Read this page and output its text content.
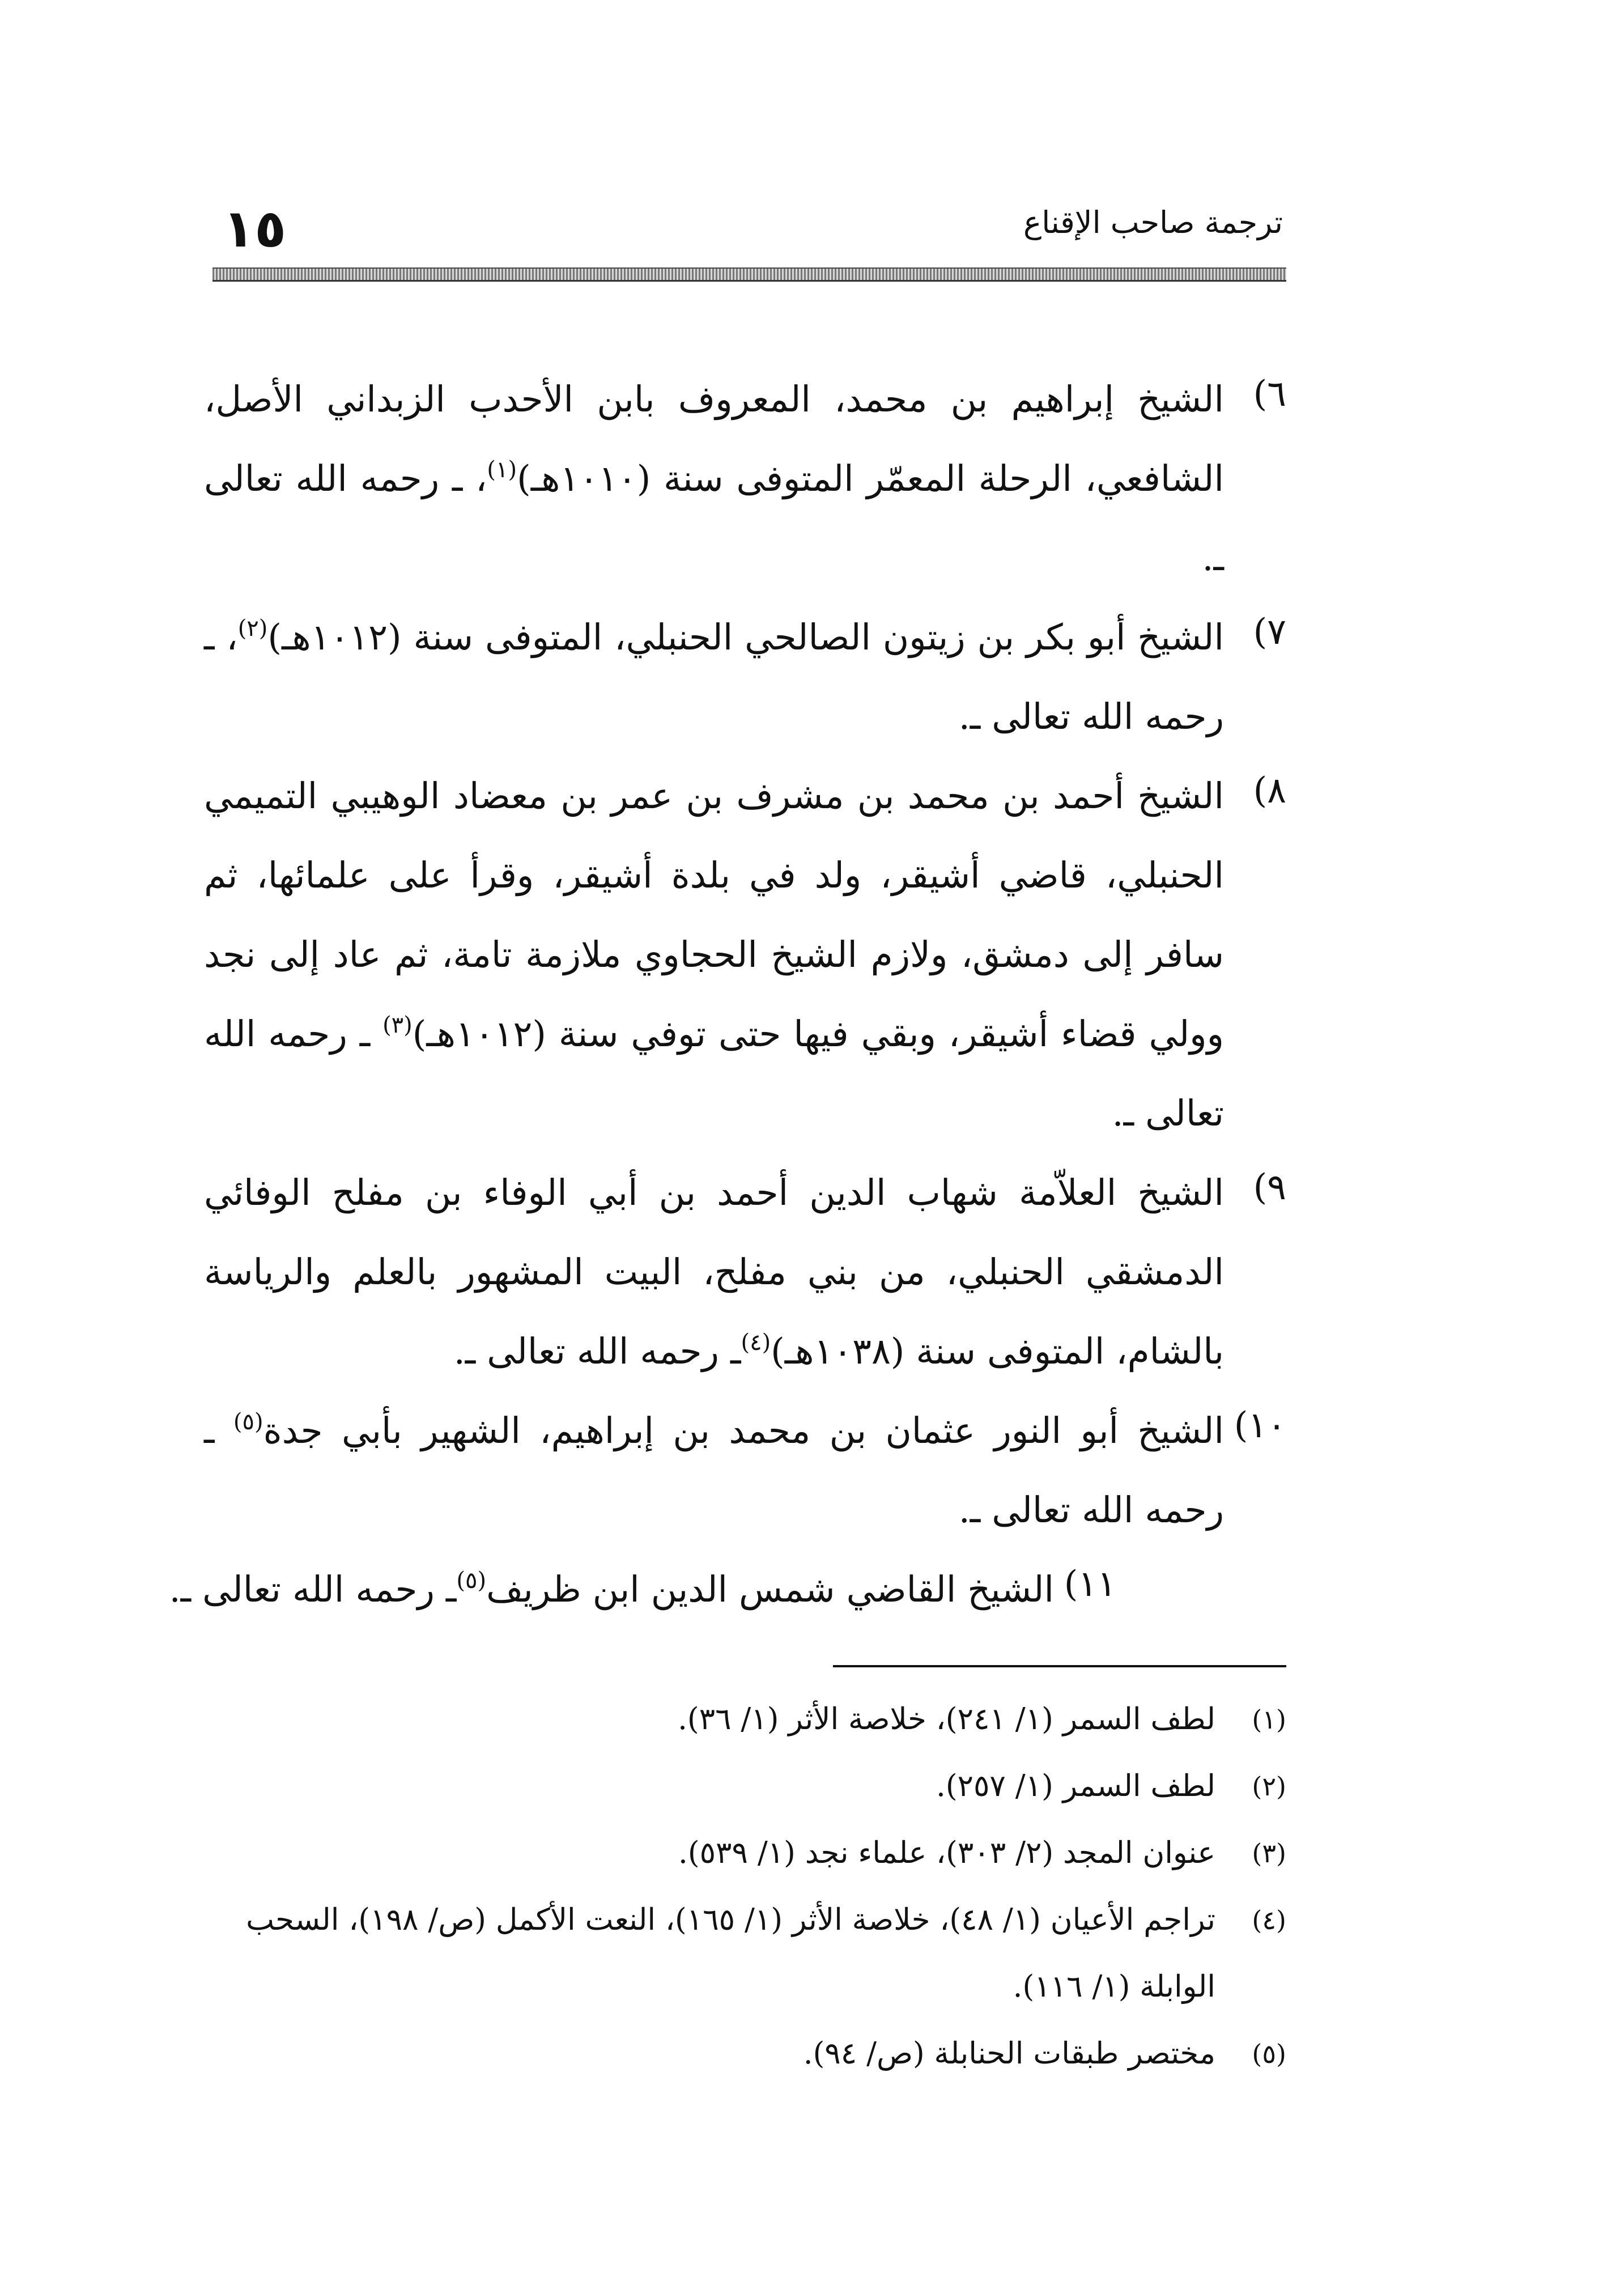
١٥	ترجمة صاحب الإقناع
٦)
الشيخ إبراهيم بن محمد، المعروف بابن الأحدب الزبداني الأصل، الشافعي، الرحلة المعمّر المتوفى سنة (١٠١٠هـ)$^{(١)}$، ـ رحمه الله تعالى ـ.
٧)
الشيخ أبو بكر بن زيتون الصالحي الحنبلي، المتوفى سنة (١٠١٢هـ)$^{(٢)}$، ـ رحمه الله تعالى ـ.
٨)
الشيخ أحمد بن محمد بن مشرف بن عمر بن معضاد الوهيبي التميمي الحنبلي، قاضي أشيقر، ولد في بلدة أشيقر، وقرأ على علمائها، ثم سافر إلى دمشق، ولازم الشيخ الحجاوي ملازمة تامة، ثم عاد إلى نجد وولي قضاء أشيقر، وبقي فيها حتى توفي سنة (١٠١٢هـ)$^{(٣)}$ ـ رحمه الله تعالى ـ.
٩)
الشيخ العلاّمة شهاب الدين أحمد بن أبي الوفاء بن مفلح الوفائي الدمشقي الحنبلي، من بني مفلح، البيت المشهور بالعلم والرياسة بالشام، المتوفى سنة (١٠٣٨هـ)$^{(٤)}$ـ رحمه الله تعالى ـ.
١٠)
الشيخ أبو النور عثمان بن محمد بن إبراهيم، الشهير بأبي جدة$^{(٥)}$ ـ رحمه الله تعالى ـ.
١١)
الشيخ القاضي شمس الدين ابن ظريف$^{(٥)}$ـ رحمه الله تعالى ـ.
(١)
لطف السمر (١/ ٢٤١)، خلاصة الأثر (١/ ٣٦).
(٢)
لطف السمر (١/ ٢٥٧).
(٣)
عنوان المجد (٢/ ٣٠٣)، علماء نجد (١/ ٥٣٩).
(٤)
تراجم الأعيان (١/ ٤٨)، خلاصة الأثر (١/ ١٦٥)، النعت الأكمل (ص/ ١٩٨)، السحب الوابلة (١/ ١١٦).
(٥)
مختصر طبقات الحنابلة (ص/ ٩٤).
